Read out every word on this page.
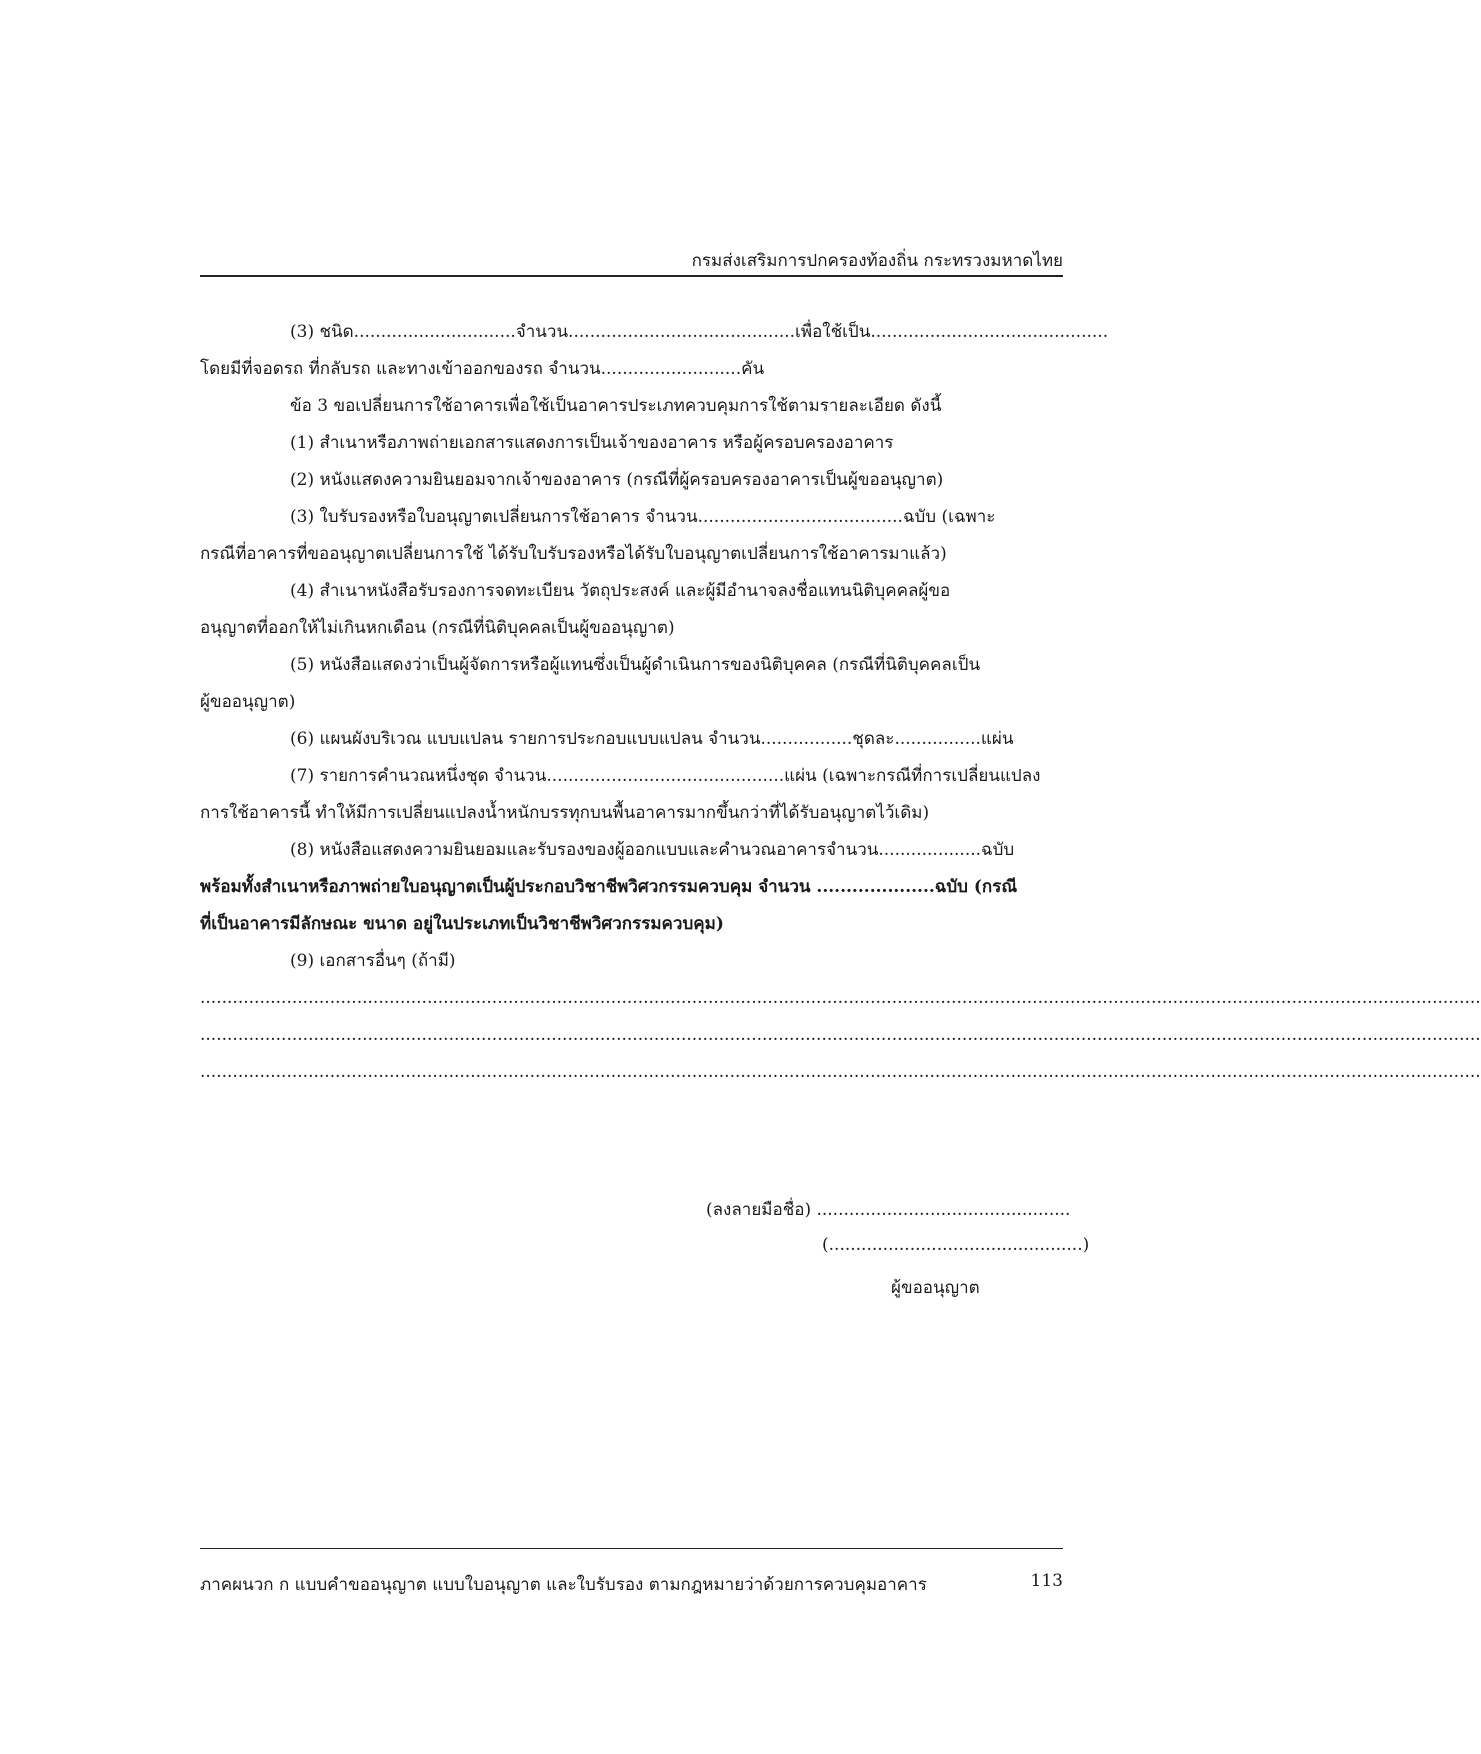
กรมส่งเสริมการปกครองท้องถิ่น กระทรวงมหาดไทย
(3) ชนิด..............................จำนวน..........................................เพื่อใช้เป็น............................................
โดยมีที่จอดรถ ที่กลับรถ และทางเข้าออกของรถ จำนวน..........................คัน
ข้อ 3 ขอเปลี่ยนการใช้อาคารเพื่อใช้เป็นอาคารประเภทควบคุมการใช้ตามรายละเอียด ดังนี้
(1) สำเนาหรือภาพถ่ายเอกสารแสดงการเป็นเจ้าของอาคาร หรือผู้ครอบครองอาคาร
(2) หนังแสดงความยินยอมจากเจ้าของอาคาร (กรณีที่ผู้ครอบครองอาคารเป็นผู้ขออนุญาต)
(3) ใบรับรองหรือใบอนุญาตเปลี่ยนการใช้อาคาร จำนวน......................................ฉบับ (เฉพาะ
กรณีที่อาคารที่ขออนุญาตเปลี่ยนการใช้ ได้รับใบรับรองหรือได้รับใบอนุญาตเปลี่ยนการใช้อาคารมาแล้ว)
(4) สำเนาหนังสือรับรองการจดทะเบียน วัตถุประสงค์ และผู้มีอำนาจลงชื่อแทนนิติบุคคลผู้ขอ
อนุญาตที่ออกให้ไม่เกินหกเดือน (กรณีที่นิติบุคคลเป็นผู้ขออนุญาต)
(5) หนังสือแสดงว่าเป็นผู้จัดการหรือผู้แทนซึ่งเป็นผู้ดำเนินการของนิติบุคคล (กรณีที่นิติบุคคลเป็น
ผู้ขออนุญาต)
(6) แผนผังบริเวณ แบบแปลน รายการประกอบแบบแปลน จำนวน.................ชุดละ................แผ่น
(7) รายการคำนวณหนึ่งชุด จำนวน............................................แผ่น (เฉพาะกรณีที่การเปลี่ยนแปลง
การใช้อาคารนี้ ทำให้มีการเปลี่ยนแปลงน้ำหนักบรรทุกบนพื้นอาคารมากขึ้นกว่าที่ได้รับอนุญาตไว้เดิม)
(8) หนังสือแสดงความยินยอมและรับรองของผู้ออกแบบและคำนวณอาคารจำนวน...................ฉบับ
พร้อมทั้งสำเนาหรือภาพถ่ายใบอนุญาตเป็นผู้ประกอบวิชาชีพวิศวกรรมควบคุม จำนวน ....................ฉบับ (กรณี
ที่เป็นอาคารมีลักษณะ ขนาด อยู่ในประเภทเป็นวิชาชีพวิศวกรรมควบคุม)
(9) เอกสารอื่นๆ (ถ้ามี)
.............................................................................................................................................................................................................................................
.............................................................................................................................................................................................................................................
.............................................................................................................................................................................................................................................
(ลงลายมือชื่อ) ...............................................
(...............................................)
ผู้ขออนุญาต
ภาคผนวก ก แบบคำขออนุญาต แบบใบอนุญาต และใบรับรอง ตามกฎหมายว่าด้วยการควบคุมอาคาร	113
